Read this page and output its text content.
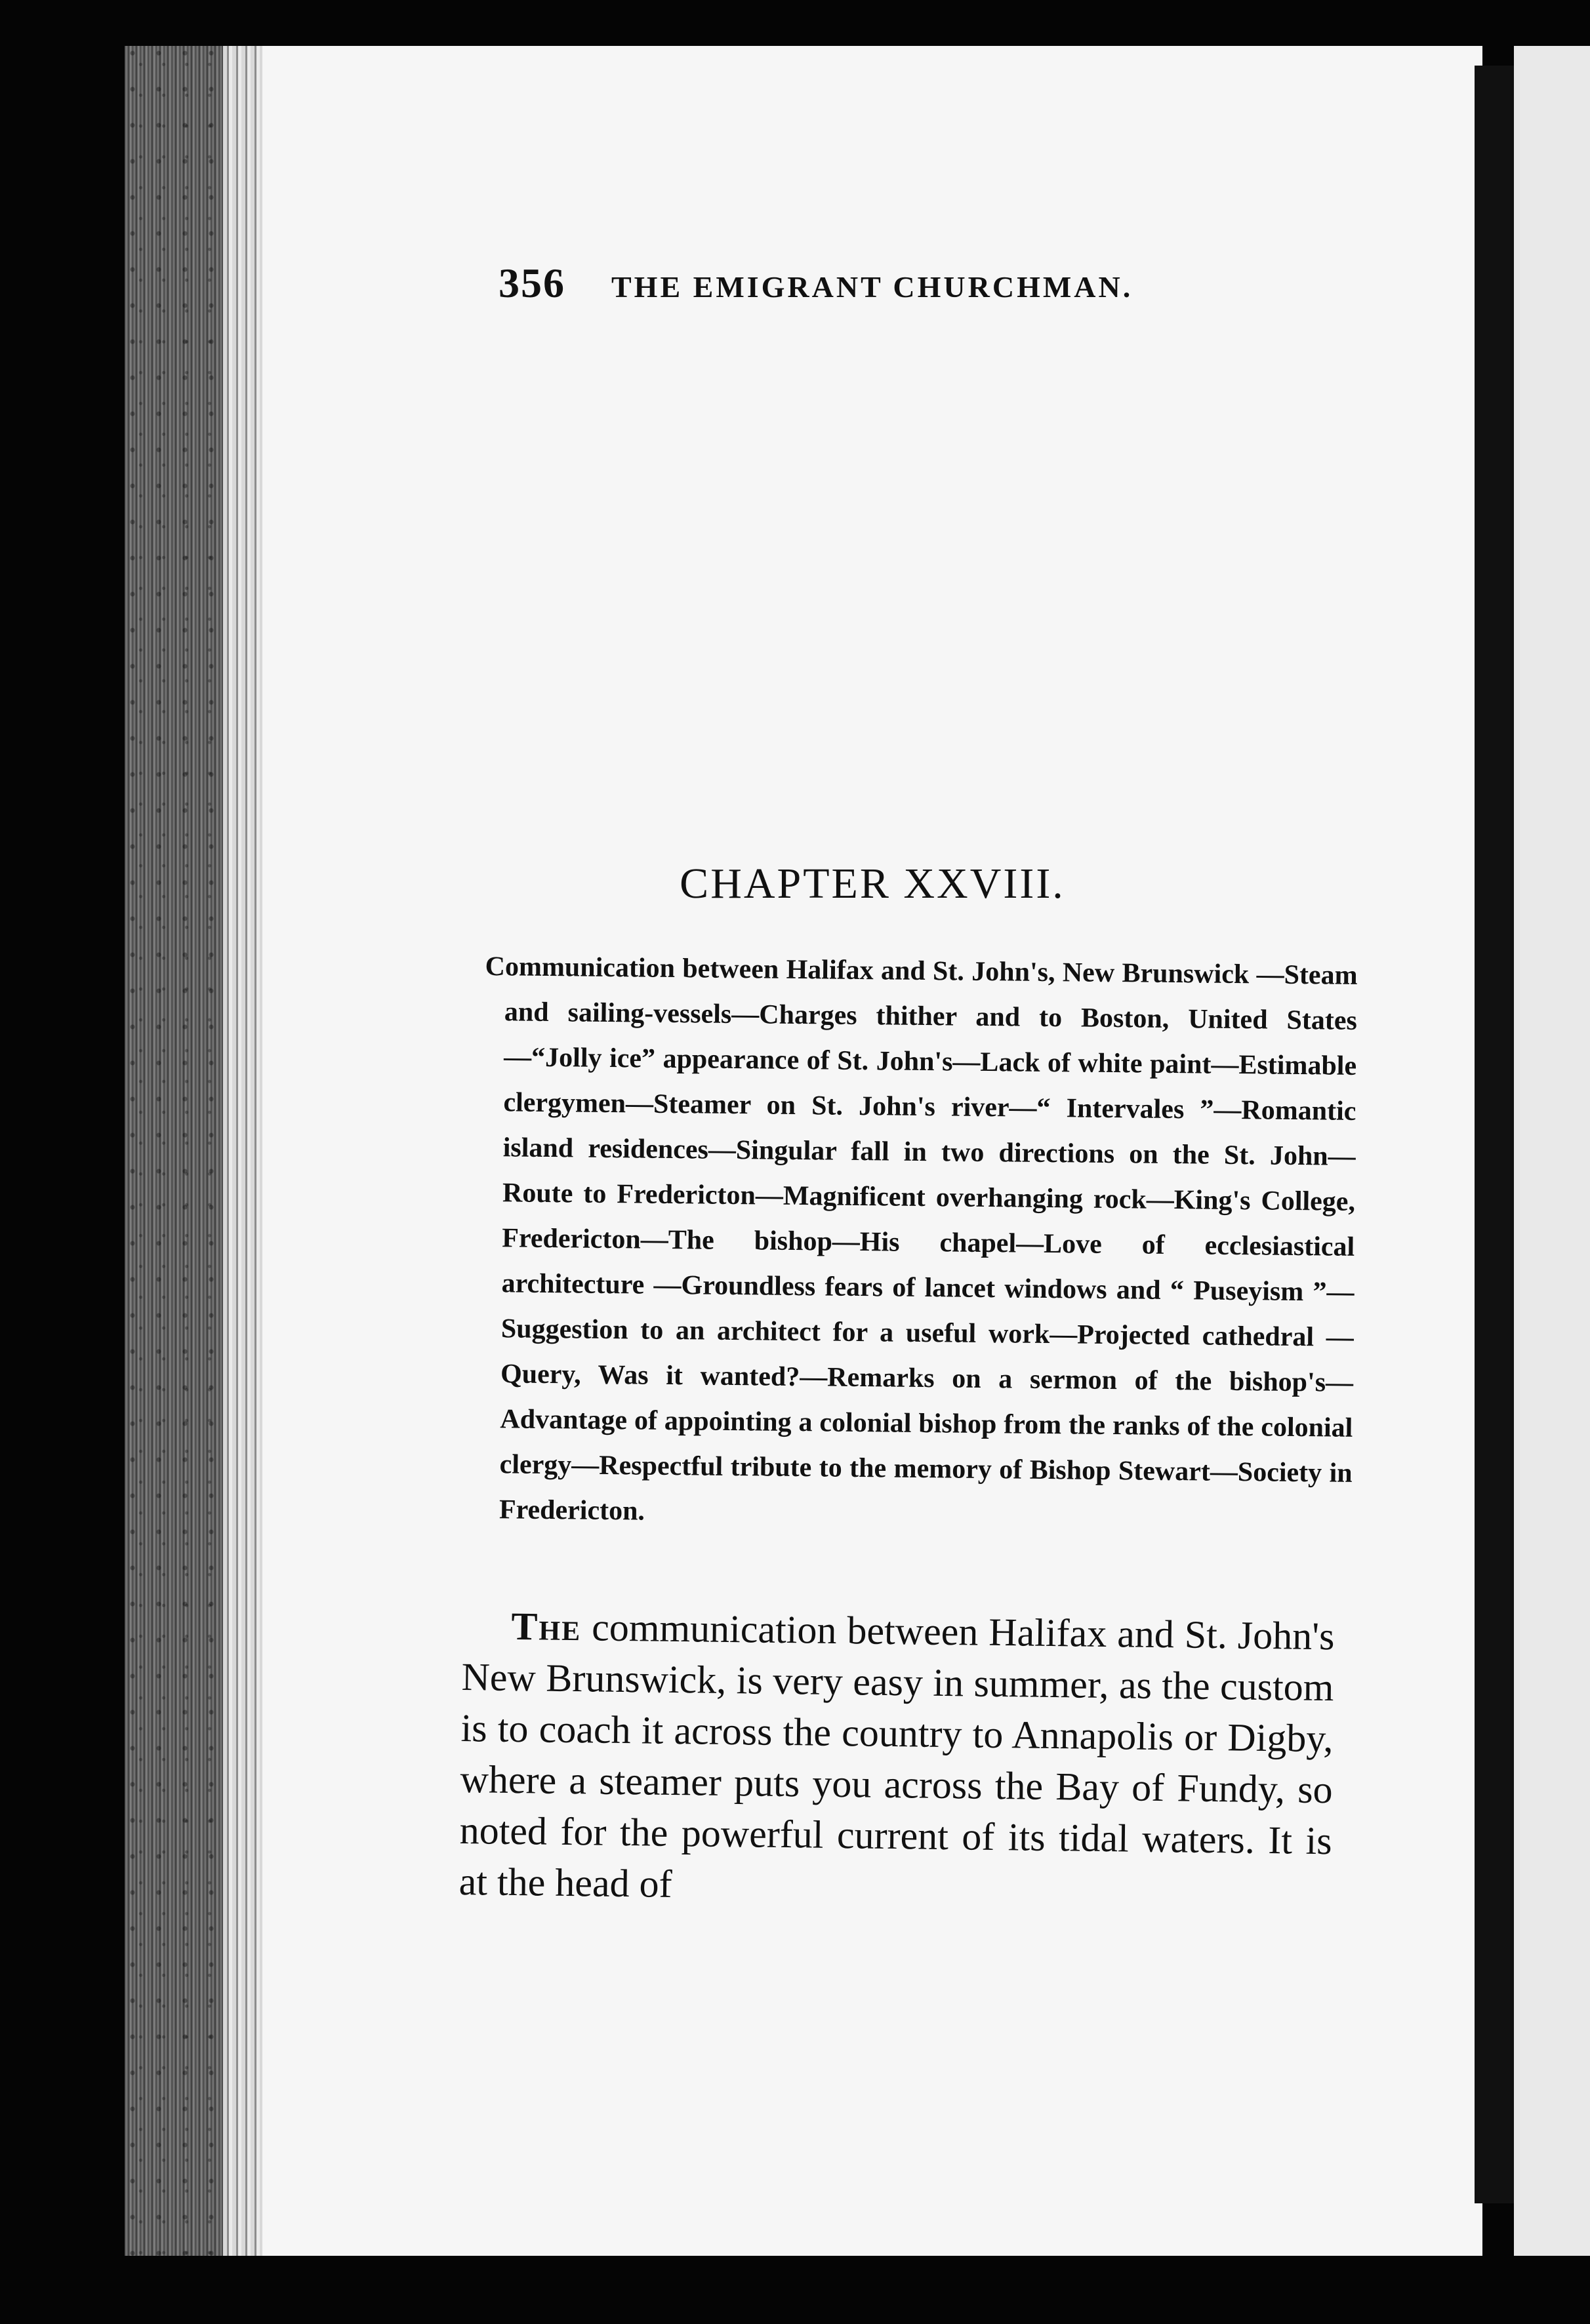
356 THE EMIGRANT CHURCHMAN.
CHAPTER XXVIII.
Communication between Halifax and St. John's, New Brunswick —Steam and sailing-vessels—Charges thither and to Boston, United States—“Jolly ice” appearance of St. John's—Lack of white paint—Estimable clergymen—Steamer on St. John's river—“ Intervales ”—Romantic island residences—Singular fall in two directions on the St. John—Route to Fredericton—Magnificent overhanging rock—King's College, Fredericton—The bishop—His chapel—Love of ecclesiastical architecture —Groundless fears of lancet windows and “ Puseyism ”—Suggestion to an architect for a useful work—Projected cathedral —Query, Was it wanted?—Remarks on a sermon of the bishop's—Advantage of appointing a colonial bishop from the ranks of the colonial clergy—Respectful tribute to the memory of Bishop Stewart—Society in Fredericton.
The communication between Halifax and St. John's New Brunswick, is very easy in summer, as the custom is to coach it across the country to Annapolis or Digby, where a steamer puts you across the Bay of Fundy, so noted for the powerful current of its tidal waters. It is at the head of
